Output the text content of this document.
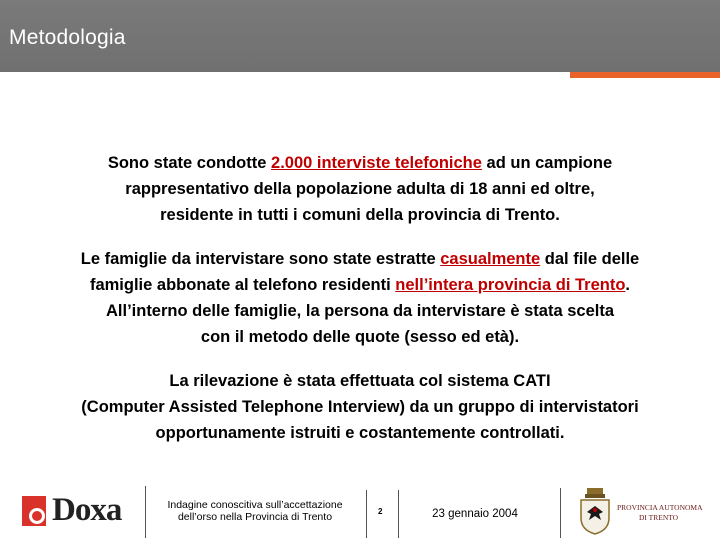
Metodologia
Sono state condotte 2.000 interviste telefoniche ad un campione
rappresentativo della popolazione adulta di 18 anni ed oltre,
residente in tutti i comuni della provincia di Trento.
Le famiglie da intervistare sono state estratte casualmente dal file delle
famiglie abbonate al telefono residenti nell’intera provincia di Trento.
All’interno delle famiglie, la persona da intervistare è stata scelta
con il metodo delle quote (sesso ed età).
La rilevazione è stata effettuata col sistema CATI
(Computer Assisted Telephone Interview) da un gruppo di intervistatori
opportunamente istruiti e costantemente controllati.
Doxa	Indagine conoscitiva sull’accettazione
dell’orso nella Provincia di Trento	2	23 gennaio 2004
PROVINCIA AUTONOMA
DI TRENTO
